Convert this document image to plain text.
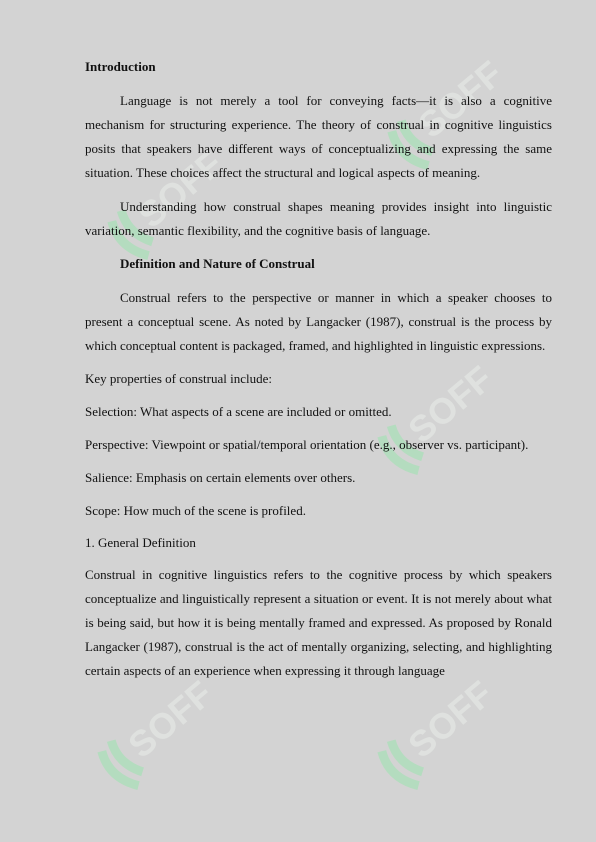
SOFF
SOFF
SOFF
SOFF	SOFF

Introduction

Language is not merely a tool for conveying facts—it is also a cognitive mechanism for structuring experience. The theory of construal in cognitive linguistics posits that speakers have different ways of conceptualizing and expressing the same situation. These choices affect the structural and logical aspects of meaning.

Understanding how construal shapes meaning provides insight into linguistic variation, semantic flexibility, and the cognitive basis of language.

Definition and Nature of Construal

Construal refers to the perspective or manner in which a speaker chooses to present a conceptual scene. As noted by Langacker (1987), construal is the process by which conceptual content is packaged, framed, and highlighted in linguistic expressions.

Key properties of construal include:

Selection: What aspects of a scene are included or omitted.

Perspective: Viewpoint or spatial/temporal orientation (e.g., observer vs. participant).

Salience: Emphasis on certain elements over others.

Scope: How much of the scene is profiled.

1. General Definition

Construal in cognitive linguistics refers to the cognitive process by which speakers conceptualize and linguistically represent a situation or event. It is not merely about what is being said, but how it is being mentally framed and expressed. As proposed by Ronald Langacker (1987), construal is the act of mentally organizing, selecting, and highlighting certain aspects of an experience when expressing it through language
